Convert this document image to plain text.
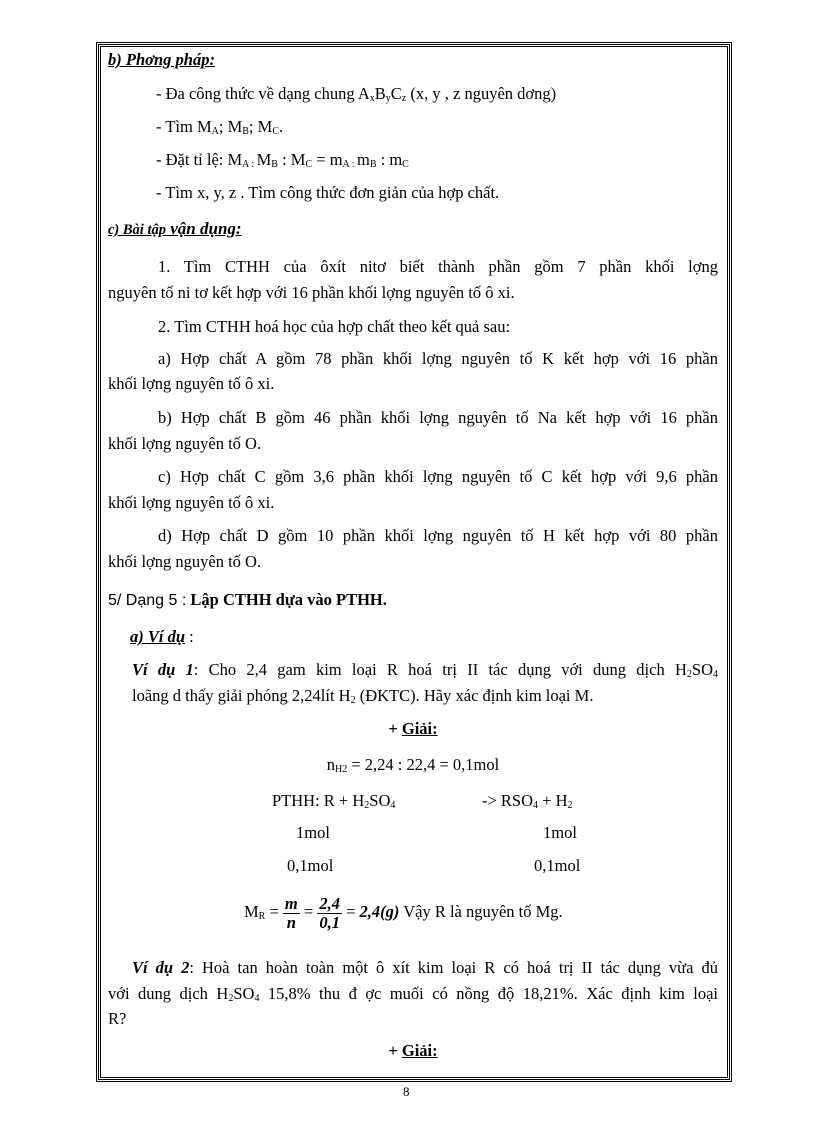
b) Phơng pháp:
- Đa công thức về dạng chung $A_xB_yC_z$ (x, y , z nguyên dơng)
- Tìm $M_A$; $M_B$; $M_C$.
- Đặt tỉ lệ: $M_{A :}$ $M_B$ : $M_C = m_{A :}$ $m_B$ : $m_C$
- Tìm x, y, z . Tìm công thức đơn giản của hợp chất.
c) Bài tập vận dụng:
1. Tìm CTHH của ôxít nitơ biết thành phần gồm 7 phần khối lợng
nguyên tố ni tơ kết hợp với 16 phần khối lợng nguyên tố ô xi.
2. Tìm CTHH hoá học của hợp chất theo kết quả sau:
a) Hợp chất A gồm 78 phần khối lợng nguyên tố K kết hợp với 16 phần
khối lợng nguyên tố ô xi.
b) Hợp chất B gồm 46 phần khối lợng nguyên tố Na kết hợp với 16 phần
khối lợng nguyên tố O.
c) Hợp chất C gồm 3,6 phần khối lợng nguyên tố C kết hợp với 9,6 phần
khối lợng nguyên tố ô xi.
d) Hợp chất D gồm 10 phần khối lợng nguyên tố H kết hợp với 80 phần
khối lợng nguyên tố O.
5/ Dạng 5 : Lập CTHH dựa vào PTHH.
a) Ví dụ :
Ví dụ 1: Cho 2,4 gam kim loại R hoá trị II tác dụng với dung dịch $H_2SO_4$
loãng d thấy giải phóng 2,24lít $H_2$ (ĐKTC). Hãy xác định kim loại M.
+ Giải:
$n_{H2} = 2,24$ : 22,4 = 0,1mol
PTHH: $R + H_2SO_4$	-> $RSO_4 + H_2$
1mol	1mol
0,1mol	0,1mol
$M_R = \frac{m}{n} = \frac{2,4}{0,1} = 2,4(g)$ Vậy R là nguyên tố Mg.
Ví dụ 2: Hoà tan hoàn toàn một ô xít kim loại R có hoá trị II tác dụng vừa đủ
với dung dịch $H_2SO_4$ 15,8% thu đ ợc muối có nồng độ 18,21%. Xác định kim loại
R?
+ Giải:
8
